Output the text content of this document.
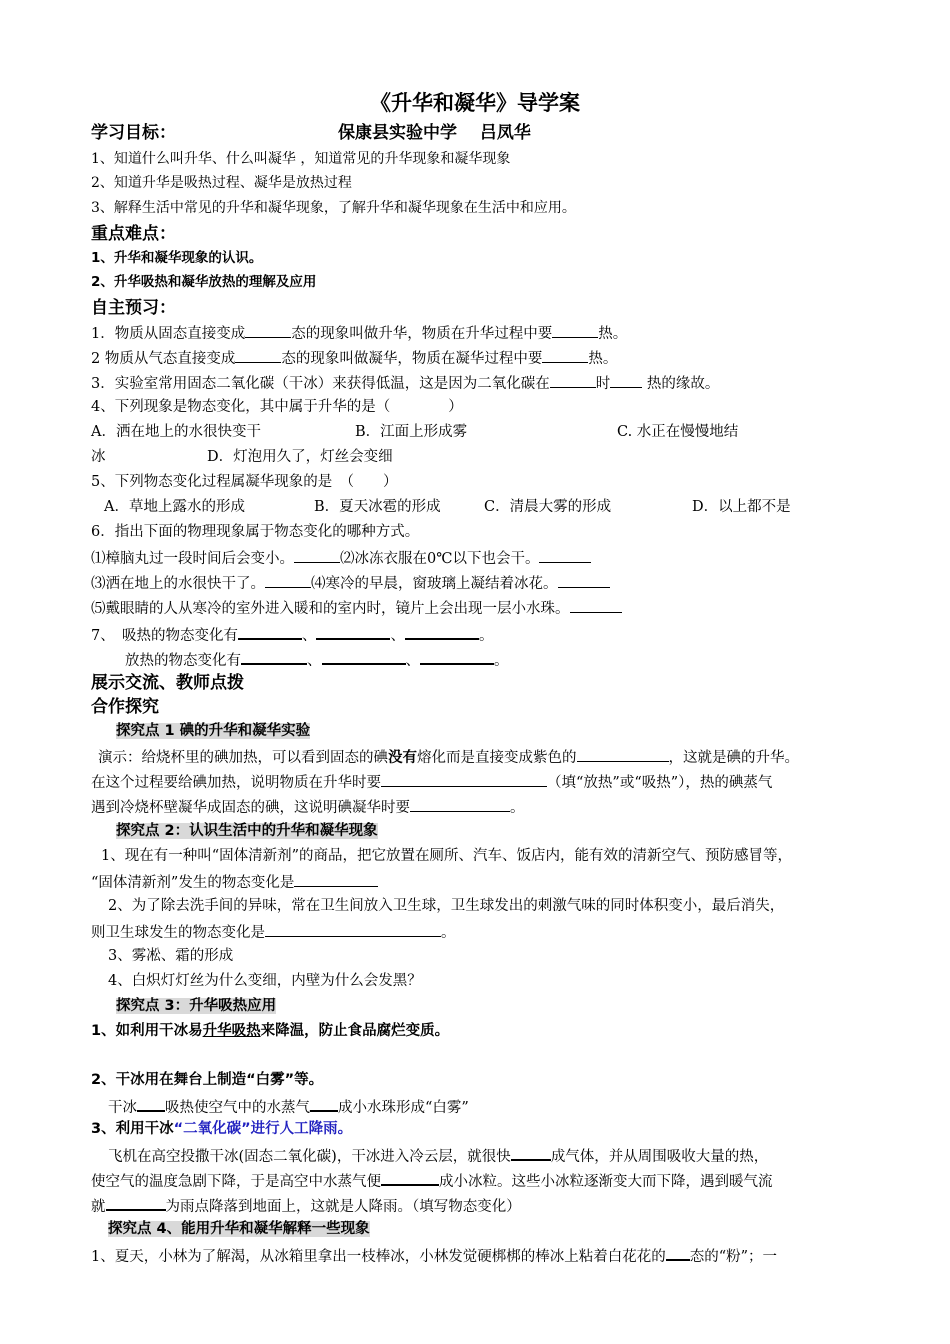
《升华和凝华》导学案
学习目标：	保康县实验中学　 吕凤华
1、知道什么叫升华、什么叫凝华 ，知道常见的升华现象和凝华现象
2、知道升华是吸热过程、凝华是放热过程
3、解释生活中常见的升华和凝华现象，了解升华和凝华现象在生活中和应用。
重点难点：
1、升华和凝华现象的认识。
2、升华吸热和凝华放热的理解及应用
自主预习：
1．物质从固态直接变成	态的现象叫做升华，物质在升华过程中要	热。
2 物质从气态直接变成	态的现象叫做凝华，物质在凝华过程中要	热。
3．实验室常用固态二氧化碳（干冰）来获得低温，这是因为二氧化碳在	时 热的缘故。
4、下列现象是物态变化，其中属于升华的是（　　　　）
A．洒在地上的水很快变干	B．江面上形成雾	C. 水正在慢慢地结
冰	D．灯泡用久了，灯丝会变细
5、下列物态变化过程属凝华现象的是　（　　）
A．草地上露水的形成	B．夏天冰雹的形成	C．清晨大雾的形成	D．以上都不是
6．指出下面的物理现象属于物态变化的哪种方式。
⑴樟脑丸过一段时间后会变小。	⑵冰冻衣服在0℃以下也会干。
⑶洒在地上的水很快干了。	⑷寒冷的早晨，窗玻璃上凝结着冰花。
⑸戴眼睛的人从寒冷的室外进入暖和的室内时，镜片上会出现一层小水珠。
7、　吸热的物态变化有	、	、	。
放热的物态变化有	、	、	。
展示交流、教师点拨
合作探究
探究点 1 碘的升华和凝华实验
演示：给烧杯里的碘加热，可以看到固态的碘没有熔化而是直接变成紫色的	，这就是碘的升华。
在这个过程要给碘加热，说明物质在升华时要	（填“放热”或“吸热”），热的碘蒸气
遇到冷烧杯壁凝华成固态的碘，这说明碘凝华时要	。
探究点 2：认识生活中的升华和凝华现象
1、现在有一种叫“固体清新剂”的商品，把它放置在厕所、汽车、饭店内，能有效的清新空气、预防感冒等，
“固体清新剂”发生的物态变化是
2、为了除去洗手间的异味，常在卫生间放入卫生球，卫生球发出的刺激气味的同时体积变小，最后消失，
则卫生球发生的物态变化是	。
3、雾凇、霜的形成
4、白炽灯灯丝为什么变细，内壁为什么会发黑？
探究点 3：升华吸热应用
1、如利用干冰易升华吸热来降温，防止食品腐烂变质。
2、干冰用在舞台上制造“白雾”等。
干冰 吸热使空气中的水蒸气 成小水珠形成“白雾”
3、利用干冰“二氧化碳”进行人工降雨。
飞机在高空投撒干冰(固态二氧化碳)，干冰进入冷云层，就很快	成气体，并从周围吸收大量的热，
使空气的温度急剧下降，于是高空中水蒸气便	成小冰粒。这些小冰粒逐渐变大而下降，遇到暖气流
就	为雨点降落到地面上，这就是人降雨。（填写物态变化）
探究点 4、能用升华和凝华解释一些现象
1、夏天，小林为了解渴，从冰箱里拿出一枝棒冰，小林发觉硬梆梆的棒冰上粘着白花花的 态的“粉”；一
